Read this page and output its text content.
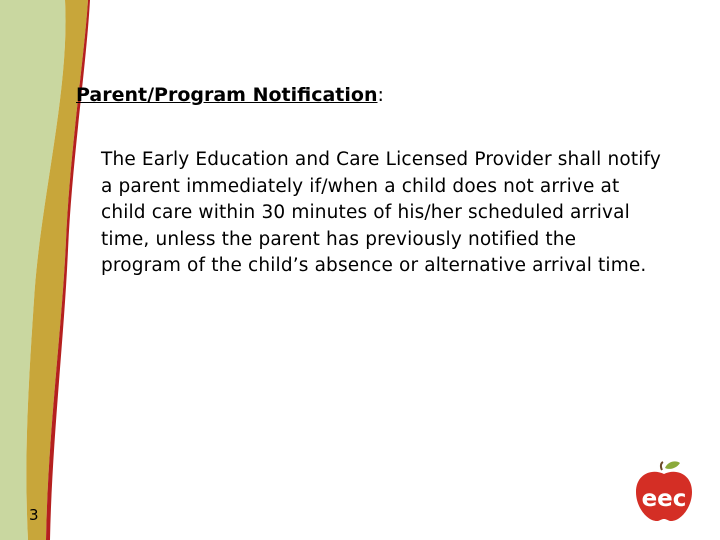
Parent/Program Notification:
The Early Education and Care Licensed Provider shall notify a parent immediately if/when a child does not arrive at child care within 30 minutes of his/her scheduled arrival time, unless the parent has previously notified the program of the child’s absence or alternative arrival time.
3
eec
